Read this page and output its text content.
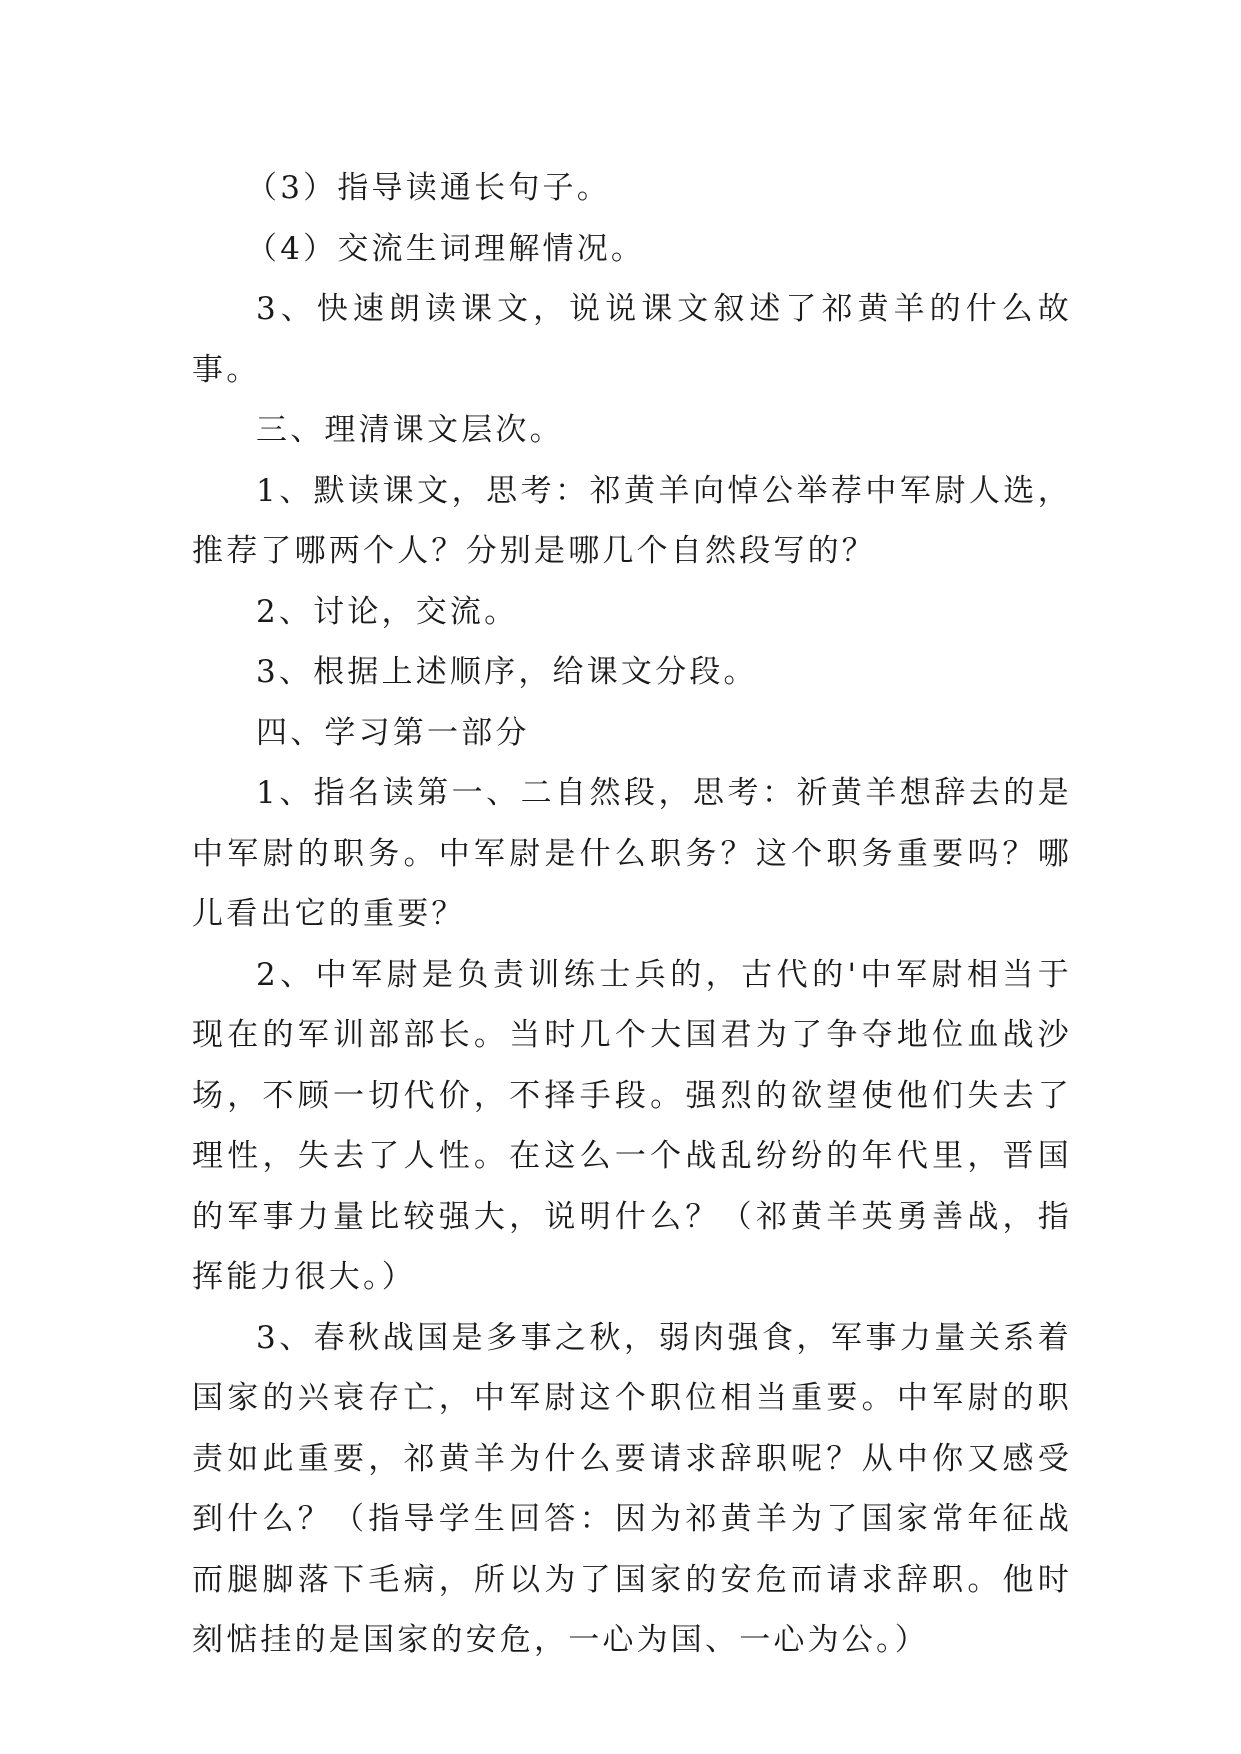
（3）指导读通长句子。

（4）交流生词理解情况。

3、快速朗读课文，说说课文叙述了祁黄羊的什么故事。

三、理清课文层次。

1、默读课文，思考：祁黄羊向悼公举荐中军尉人选，推荐了哪两个人？分别是哪几个自然段写的？

2、讨论，交流。

3、根据上述顺序，给课文分段。

四、学习第一部分

1、指名读第一、二自然段，思考：祈黄羊想辞去的是中军尉的职务。中军尉是什么职务？这个职务重要吗？哪儿看出它的重要？

2、中军尉是负责训练士兵的，古代的'中军尉相当于现在的军训部部长。当时几个大国君为了争夺地位血战沙场，不顾一切代价，不择手段。强烈的欲望使他们失去了理性，失去了人性。在这么一个战乱纷纷的年代里，晋国的军事力量比较强大，说明什么？（祁黄羊英勇善战，指挥能力很大。）

3、春秋战国是多事之秋，弱肉强食，军事力量关系着国家的兴衰存亡，中军尉这个职位相当重要。中军尉的职责如此重要，祁黄羊为什么要请求辞职呢？从中你又感受到什么？（指导学生回答：因为祁黄羊为了国家常年征战而腿脚落下毛病，所以为了国家的安危而请求辞职。他时刻惦挂的是国家的安危，一心为国、一心为公。）
